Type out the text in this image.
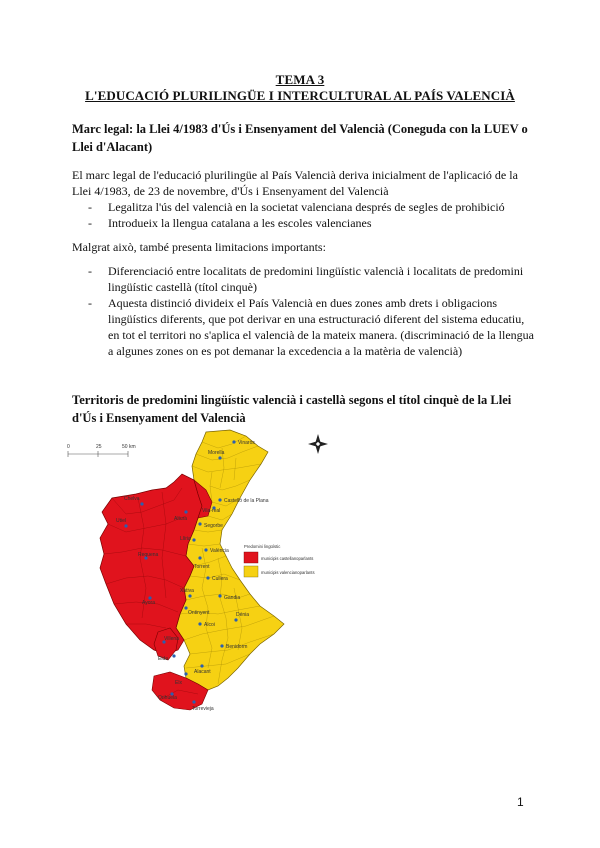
TEMA 3
L'EDUCACIÓ PLURILINGÜE I INTERCULTURAL AL PAÍS VALENCIÀ
Marc legal: la Llei 4/1983 d'Ús i Ensenyament del Valencià (Coneguda con la LUEV o Llei d'Alacant)
El marc legal de l'educació plurilingüe al País Valencià deriva inicialment de l'aplicació de la Llei 4/1983, de 23 de novembre, d'Ús i Ensenyament del Valencià
- Legalitza l'ús del valencià en la societat valenciana després de segles de prohibició
- Introdueix la llengua catalana a les escoles valencianes
Malgrat això, també presenta limitacions importants:
- Diferenciació entre localitats de predomini lingüístic valencià i localitats de predomini lingüístic castellà (títol cinquè)
- Aquesta distinció divideix el País Valencià en dues zones amb drets i obligacions lingüístics diferents, que pot derivar en una estructuració diferent del sistema educatiu, en tot el territori no s'aplica el valencià de la mateix manera. (discriminació de la llengua a algunes zones on es pot demanar la excedencia a la matèria de valencià)
Territoris de predomini lingüístic valencià i castellà segons el títol cinquè de la Llei d'Ús i Ensenyament del Valencià
0	25	50 km
Vinaròs
Morella
Castelló de la Plana
Vila-real
Segorbe
Llíria
València
Torrent
Requena
Cullera
Ayora
Xàtiva
Gandia
Dénia
Ontinyent
Alcoi
Benidorm
Villena
Elda
Alacant
Elx
Orihuela
Torrevieja
Altura
Utiel
Chelva
Predomini lingüístic
municipis castellanoparlants
municipis valencianoparlants
1
